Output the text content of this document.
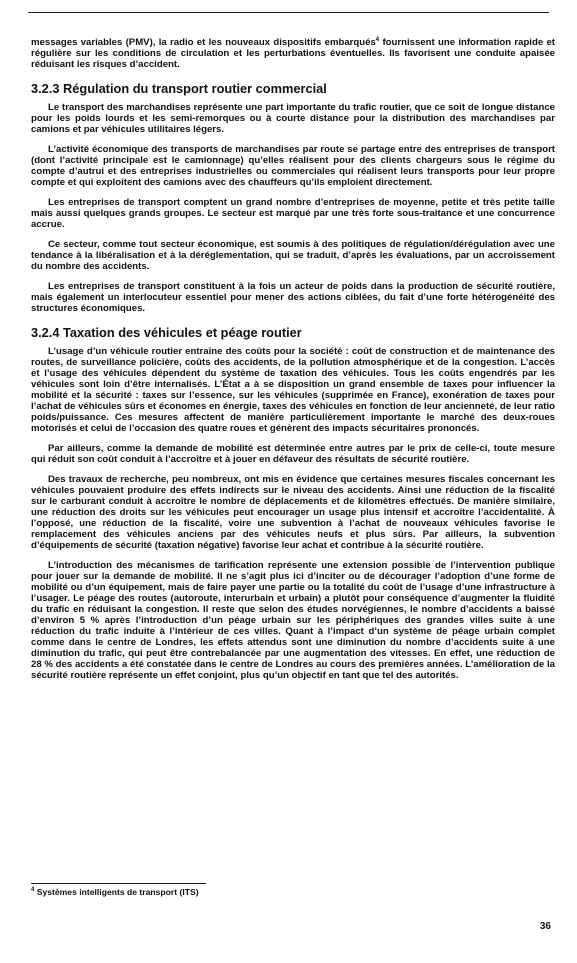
messages variables (PMV), la radio et les nouveaux dispositifs embarqués$^4$ fournissent une information rapide et régulière sur les conditions de circulation et les perturbations éventuelles. Ils favorisent une conduite apaisée réduisant les risques d’accident.

3.2.3 Régulation du transport routier commercial

Le transport des marchandises représente une part importante du trafic routier, que ce soit de longue distance pour les poids lourds et les semi-remorques ou à courte distance pour la distribution des marchandises par camions et par véhicules utilitaires légers.

L’activité économique des transports de marchandises par route se partage entre des entreprises de transport (dont l’activité principale est le camionnage) qu’elles réalisent pour des clients chargeurs sous le régime du compte d’autrui et des entreprises industrielles ou commerciales qui réalisent leurs transports pour leur propre compte et qui exploitent des camions avec des chauffeurs qu’ils emploient directement.

Les entreprises de transport comptent un grand nombre d’entreprises de moyenne, petite et très petite taille mais aussi quelques grands groupes. Le secteur est marqué par une très forte sous-traitance et une concurrence accrue.

Ce secteur, comme tout secteur économique, est soumis à des politiques de régulation/dérégulation avec une tendance à la libéralisation et à la déréglementation, qui se traduit, d’après les évaluations, par un accroissement du nombre des accidents.

Les entreprises de transport constituent à la fois un acteur de poids dans la production de sécurité routière, mais également un interlocuteur essentiel pour mener des actions ciblées, du fait d’une forte hétérogénéité des structures économiques.

3.2.4 Taxation des véhicules et péage routier

L’usage d’un véhicule routier entraîne des coûts pour la société : coût de construction et de maintenance des routes, de surveillance policière, coûts des accidents, de la pollution atmosphérique et de la congestion. L’accès et l’usage des véhicules dépendent du système de taxation des véhicules. Tous les coûts engendrés par les véhicules sont loin d’être internalisés. L’État a à se disposition un grand ensemble de taxes pour influencer la mobilité et la sécurité : taxes sur l’essence, sur les véhicules (supprimée en France), exonération de taxes pour l’achat de véhicules sûrs et économes en énergie, taxes des véhicules en fonction de leur ancienneté, de leur ratio poids/puissance. Ces mesures affectent de manière particulièrement importante le marché des deux-roues motorisés et celui de l’occasion des quatre roues et génèrent des impacts sécuritaires prononcés.

Par ailleurs, comme la demande de mobilité est déterminée entre autres par le prix de celle-ci, toute mesure qui réduit son coût conduit à l’accroître et à jouer en défaveur des résultats de sécurité routière.

Des travaux de recherche, peu nombreux, ont mis en évidence que certaines mesures fiscales concernant les véhicules pouvaient produire des effets indirects sur le niveau des accidents. Ainsi une réduction de la fiscalité sur le carburant conduit à accroître le nombre de déplacements et de kilomètres effectués. De manière similaire, une réduction des droits sur les véhicules peut encourager un usage plus intensif et accroître l’accidentalité. À l’opposé, une réduction de la fiscalité, voire une subvention à l’achat de nouveaux véhicules favorise le remplacement des véhicules anciens par des véhicules neufs et plus sûrs. Par ailleurs, la subvention d’équipements de sécurité (taxation négative) favorise leur achat et contribue à la sécurité routière.

L’introduction des mécanismes de tarification représente une extension possible de l’intervention publique pour jouer sur la demande de mobilité. Il ne s’agit plus ici d’inciter ou de décourager l’adoption d’une forme de mobilité ou d’un équipement, mais de faire payer une partie ou la totalité du coût de l’usage d’une infrastructure à l’usager. Le péage des routes (autoroute, interurbain et urbain) a plutôt pour conséquence d’augmenter la fluidité du trafic en réduisant la congestion. Il reste que selon des études norvégiennes, le nombre d’accidents a baissé d’environ 5 % après l’introduction d’un péage urbain sur les périphériques des grandes villes suite à une réduction du trafic induite à l’intérieur de ces villes. Quant à l’impact d’un système de péage urbain complet comme dans le centre de Londres, les effets attendus sont une diminution du nombre d’accidents suite à une diminution du trafic, qui peut être contrebalancée par une augmentation des vitesses. En effet, une réduction de 28 % des accidents a été constatée dans le centre de Londres au cours des premières années. L’amélioration de la sécurité routière représente un effet conjoint, plus qu’un objectif en tant que tel des autorités.

$^4$ Systèmes intelligents de transport (ITS)
36
